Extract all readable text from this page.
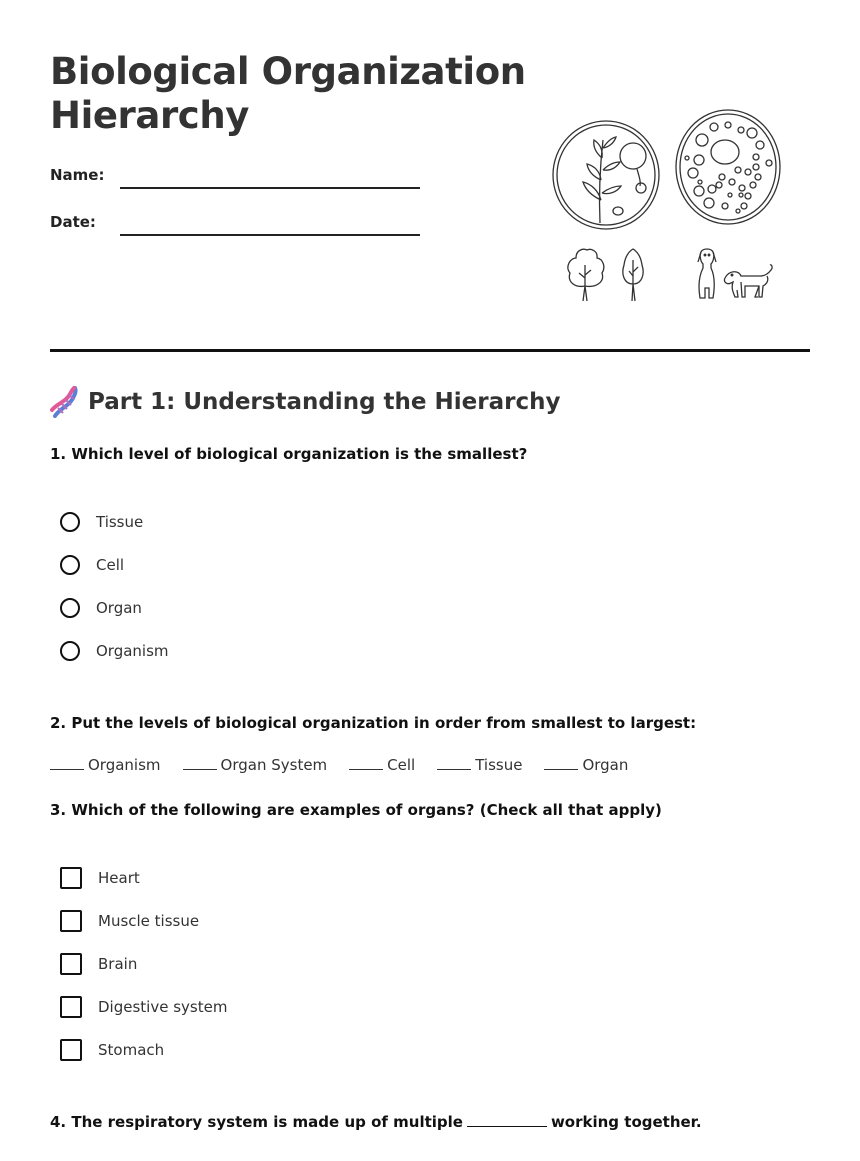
Biological Organization Hierarchy
Name:
Date:
Part 1: Understanding the Hierarchy
1. Which level of biological organization is the smallest?
Tissue
Cell
Organ
Organism
2. Put the levels of biological organization in order from smallest to largest:
Organism	Organ System	Cell	Tissue	Organ
3. Which of the following are examples of organs? (Check all that apply)
Heart
Muscle tissue
Brain
Digestive system
Stomach
4. The respiratory system is made up of multiple	working together.
